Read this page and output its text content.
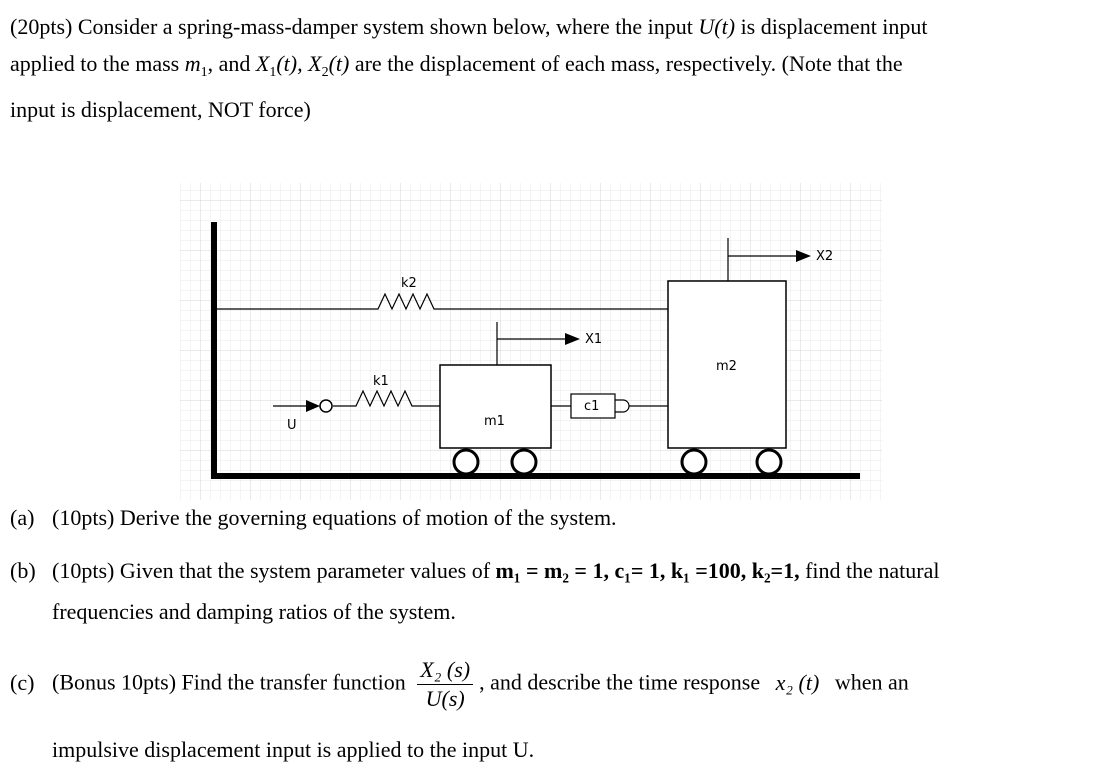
(20pts) Consider a spring-mass-damper system shown below, where the input U(t) is displacement input
applied to the mass $m_1$, and $X_1(t)$, $X_2(t)$ are the displacement of each mass, respectively. (Note that the
input is displacement, NOT force)
k2
k1
c1
m1
m2
U
X1
X2
(a) (10pts) Derive the governing equations of motion of the system.
(b) (10pts) Given that the system parameter values of m₁ = m₂ = 1, c₁= 1, k₁ =100, k₂=1, find the natural
frequencies and damping ratios of the system.
(c) (Bonus 10pts) Find the transfer function $\frac{\text{X₂ (s)}}{U(s)}$ , and describe the time response x₂ (t) when an
impulsive displacement input is applied to the input U.
